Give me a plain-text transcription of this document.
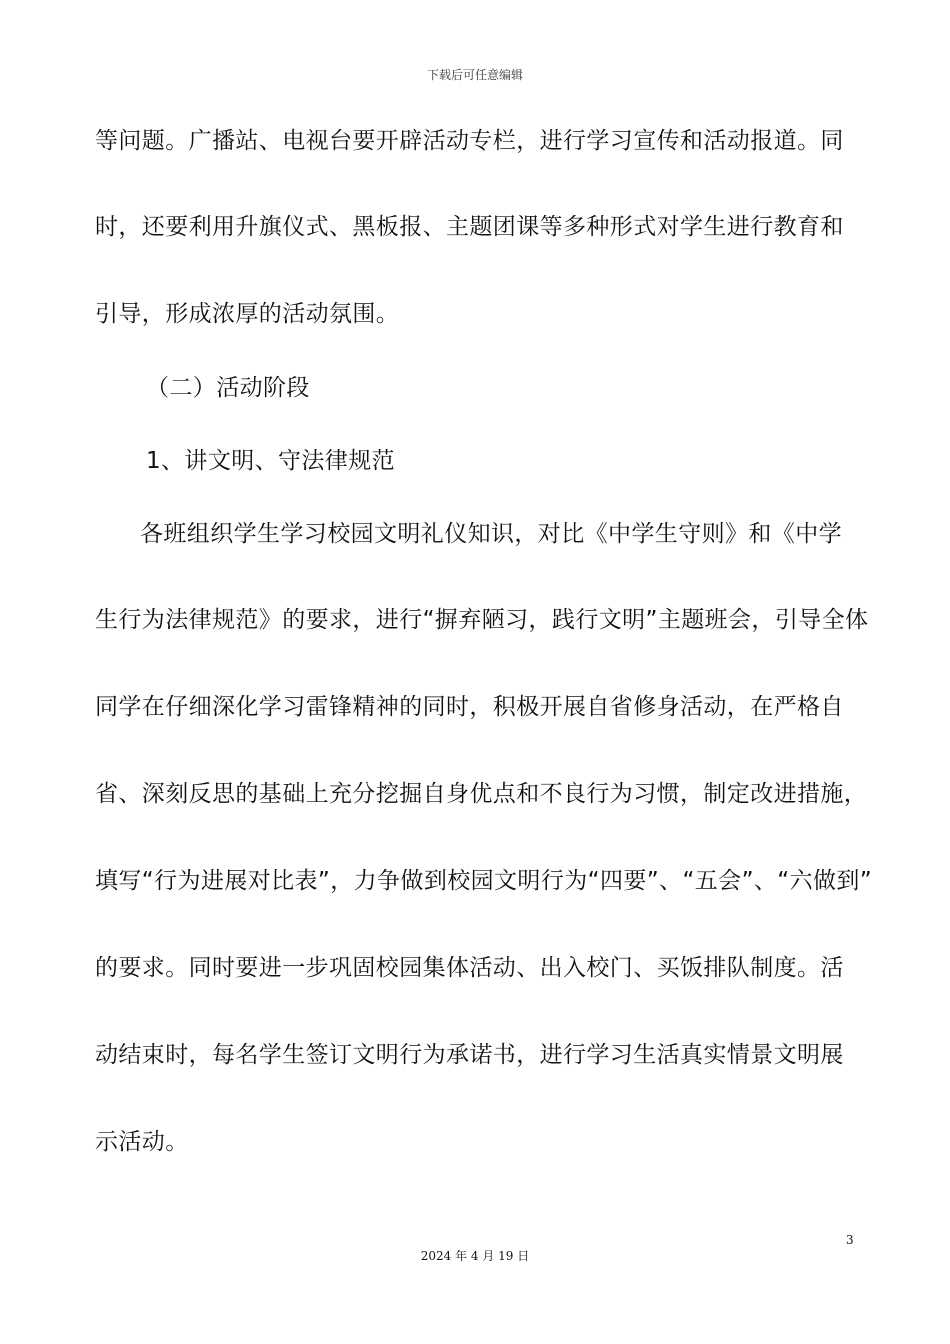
下载后可任意编辑
等问题。广播站、电视台要开辟活动专栏，进行学习宣传和活动报道。同
时，还要利用升旗仪式、黑板报、主题团课等多种形式对学生进行教育和
引导，形成浓厚的活动氛围。
（二）活动阶段
1、讲文明、守法律规范
各班组织学生学习校园文明礼仪知识，对比《中学生守则》和《中学
生行为法律规范》的要求，进行“摒弃陋习，践行文明”主题班会，引导全体
同学在仔细深化学习雷锋精神的同时，积极开展自省修身活动，在严格自
省、深刻反思的基础上充分挖掘自身优点和不良行为习惯，制定改进措施，
填写“行为进展对比表”，力争做到校园文明行为“四要”、“五会”、“六做到”
的要求。同时要进一步巩固校园集体活动、出入校门、买饭排队制度。活
动结束时，每名学生签订文明行为承诺书，进行学习生活真实情景文明展
示活动。
3
2024 年 4 月 19 日
